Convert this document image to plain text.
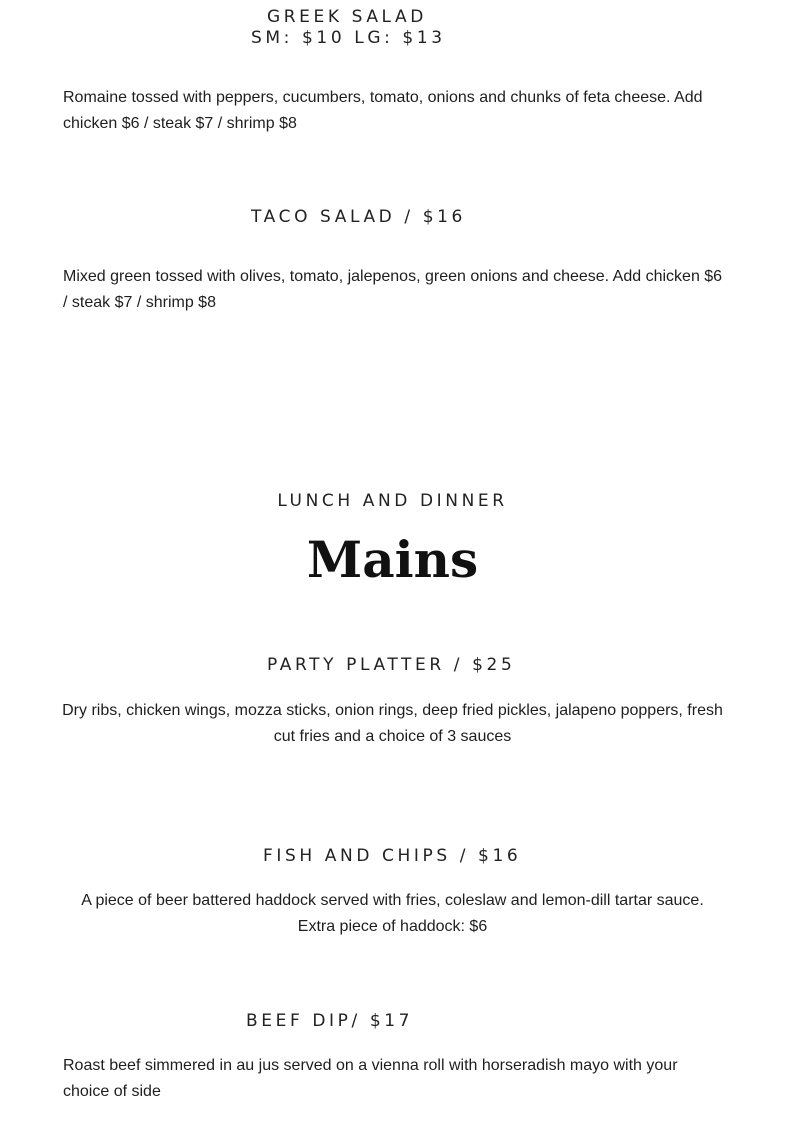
GREEK SALAD
SM: $10 LG: $13

Romaine tossed with peppers, cucumbers, tomato, onions and chunks of feta cheese. Add chicken $6 / steak $7 / shrimp $8

TACO SALAD / $16

Mixed green tossed with olives, tomato, jalepenos, green onions and cheese. Add chicken $6 / steak $7 / shrimp $8

LUNCH AND DINNER
Mains
PARTY PLATTER / $25

Dry ribs, chicken wings, mozza sticks, onion rings, deep fried pickles, jalapeno poppers, fresh cut fries and a choice of 3 sauces

FISH AND CHIPS / $16

A piece of beer battered haddock served with fries, coleslaw and lemon-dill tartar sauce. Extra piece of haddock: $6

BEEF DIP/ $17

Roast beef simmered in au jus served on a vienna roll with horseradish mayo with your choice of side
